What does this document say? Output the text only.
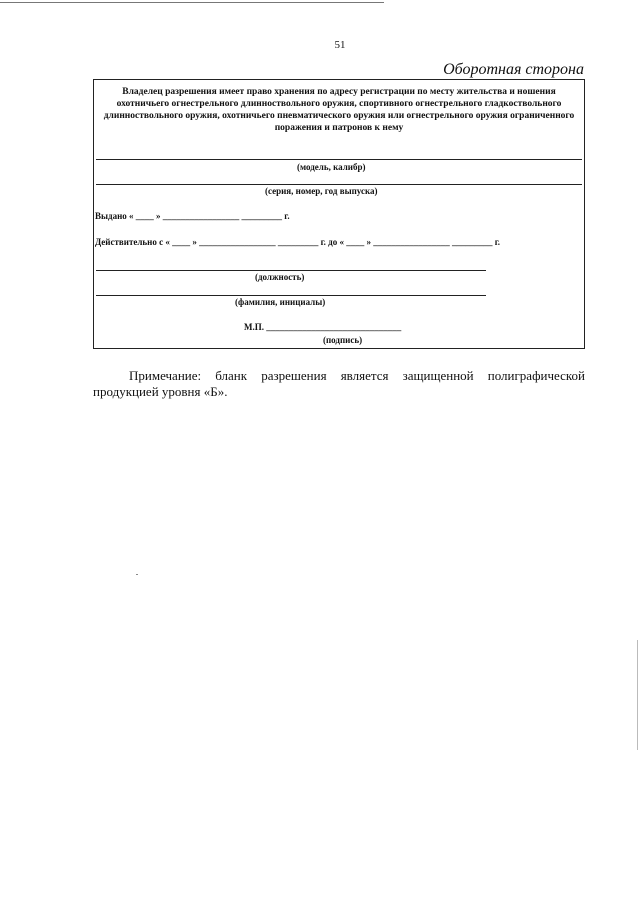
51
Оборотная сторона
Владелец разрешения имеет право хранения по адресу регистрации по месту жительства и ношения охотничьего огнестрельного длинноствольного оружия, спортивного огнестрельного гладкоствольного длинноствольного оружия, охотничьего пневматического оружия или огнестрельного оружия ограниченного поражения и патронов к нему
(модель, калибр)
(серия, номер, год выпуска)
Выдано « ____ » _________________ _________ г.
Действительно с « ____ » _________________ _________ г. до « ____ » _________________ _________ г.
(должность)
(фамилия, инициалы)
М.П. ______________________________
(подпись)
Примечание: бланк разрешения является защищенной полиграфической
продукцией уровня «Б».
